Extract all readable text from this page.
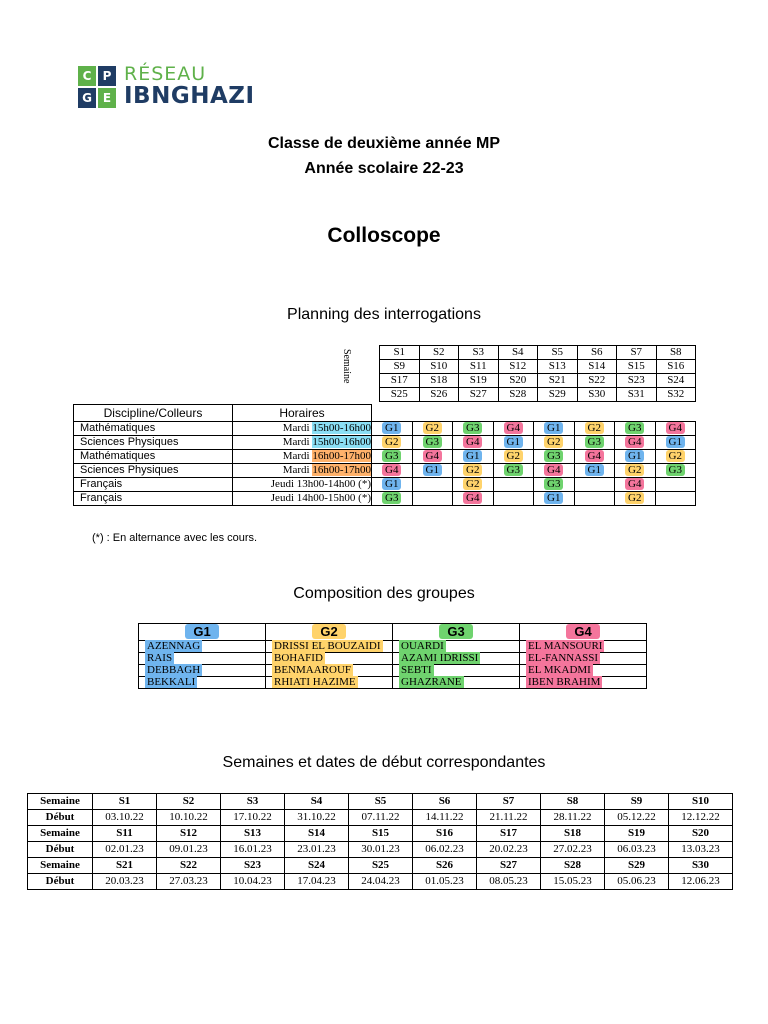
C P
G E
RÉSEAU
IBNGHAZI
Classe de deuxième année MP
Année scolaire 22-23
Colloscope
Planning des interrogations
Semaine	S1	S2	S3	S4	S5	S6	S7	S8
S9	S10	S11	S12	S13	S14	S15	S16
S17	S18	S19	S20	S21	S22	S23	S24
S25	S26	S27	S28	S29	S30	S31	S32
Discipline/Colleurs	Horaires								
Mathématiques	Mardi 15h00-16h00	G1	G2	G3	G4	G1	G2	G3	G4
Sciences Physiques	Mardi 15h00-16h00	G2	G3	G4	G1	G2	G3	G4	G1
Mathématiques	Mardi 16h00-17h00	G3	G4	G1	G2	G3	G4	G1	G2
Sciences Physiques	Mardi 16h00-17h00	G4	G1	G2	G3	G4	G1	G2	G3
Français	Jeudi 13h00-14h00 (*)	G1		G2		G3		G4	
Français	Jeudi 14h00-15h00 (*)	G3		G4		G1		G2	
(*) : En alternance avec les cours.
Composition des groupes
G1	G2	G3	G4
AZENNAG	DRISSI EL BOUZAIDI	OUARDI	EL MANSOURI
RAIS	BOHAFID	AZAMI IDRISSI	EL-FANNASSI
DEBBAGH	BENMAAROUF	SEBTI	EL MKADMI
BEKKALI	RHIATI HAZIME	GHAZRANE	IBEN BRAHIM
Semaines et dates de début correspondantes
Semaine	S1	S2	S3	S4	S5	S6	S7	S8	S9	S10
Début	03.10.22	10.10.22	17.10.22	31.10.22	07.11.22	14.11.22	21.11.22	28.11.22	05.12.22	12.12.22
Semaine	S11	S12	S13	S14	S15	S16	S17	S18	S19	S20
Début	02.01.23	09.01.23	16.01.23	23.01.23	30.01.23	06.02.23	20.02.23	27.02.23	06.03.23	13.03.23
Semaine	S21	S22	S23	S24	S25	S26	S27	S28	S29	S30
Début	20.03.23	27.03.23	10.04.23	17.04.23	24.04.23	01.05.23	08.05.23	15.05.23	05.06.23	12.06.23
